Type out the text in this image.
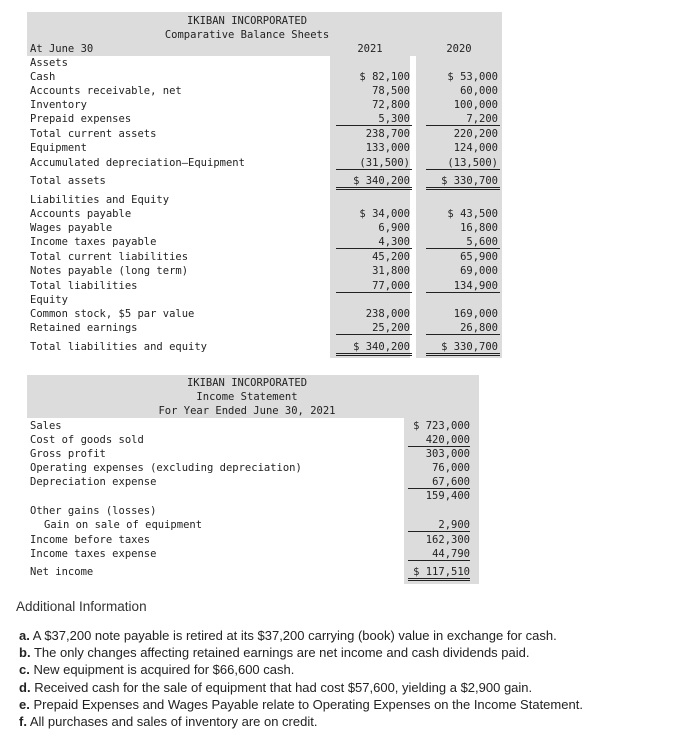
IKIBAN INCORPORATED
Comparative Balance Sheets
At June 30	2021	2020
Assets
Cash	$ 82,100	$ 53,000
Accounts receivable, net	78,500	60,000
Inventory	72,800	100,000
Prepaid expenses	5,300	7,200
Total current assets	238,700	220,200
Equipment	133,000	124,000
Accumulated depreciation—Equipment	(31,500)	(13,500)
Total assets	$ 340,200	$ 330,700
Liabilities and Equity
Accounts payable	$ 34,000	$ 43,500
Wages payable	6,900	16,800
Income taxes payable	4,300	5,600
Total current liabilities	45,200	65,900
Notes payable (long term)	31,800	69,000
Total liabilities	77,000	134,900
Equity
Common stock, $5 par value	238,000	169,000
Retained earnings	25,200	26,800
Total liabilities and equity	$ 340,200	$ 330,700
IKIBAN INCORPORATED
Income Statement
For Year Ended June 30, 2021
Sales	$ 723,000
Cost of goods sold	420,000
Gross profit	303,000
Operating expenses (excluding depreciation)	76,000
Depreciation expense	67,600
159,400
Other gains (losses)
Gain on sale of equipment	2,900
Income before taxes	162,300
Income taxes expense	44,790
Net income	$ 117,510
Additional Information
a. A $37,200 note payable is retired at its $37,200 carrying (book) value in exchange for cash.
b. The only changes affecting retained earnings are net income and cash dividends paid.
c. New equipment is acquired for $66,600 cash.
d. Received cash for the sale of equipment that had cost $57,600, yielding a $2,900 gain.
e. Prepaid Expenses and Wages Payable relate to Operating Expenses on the Income Statement.
f. All purchases and sales of inventory are on credit.
